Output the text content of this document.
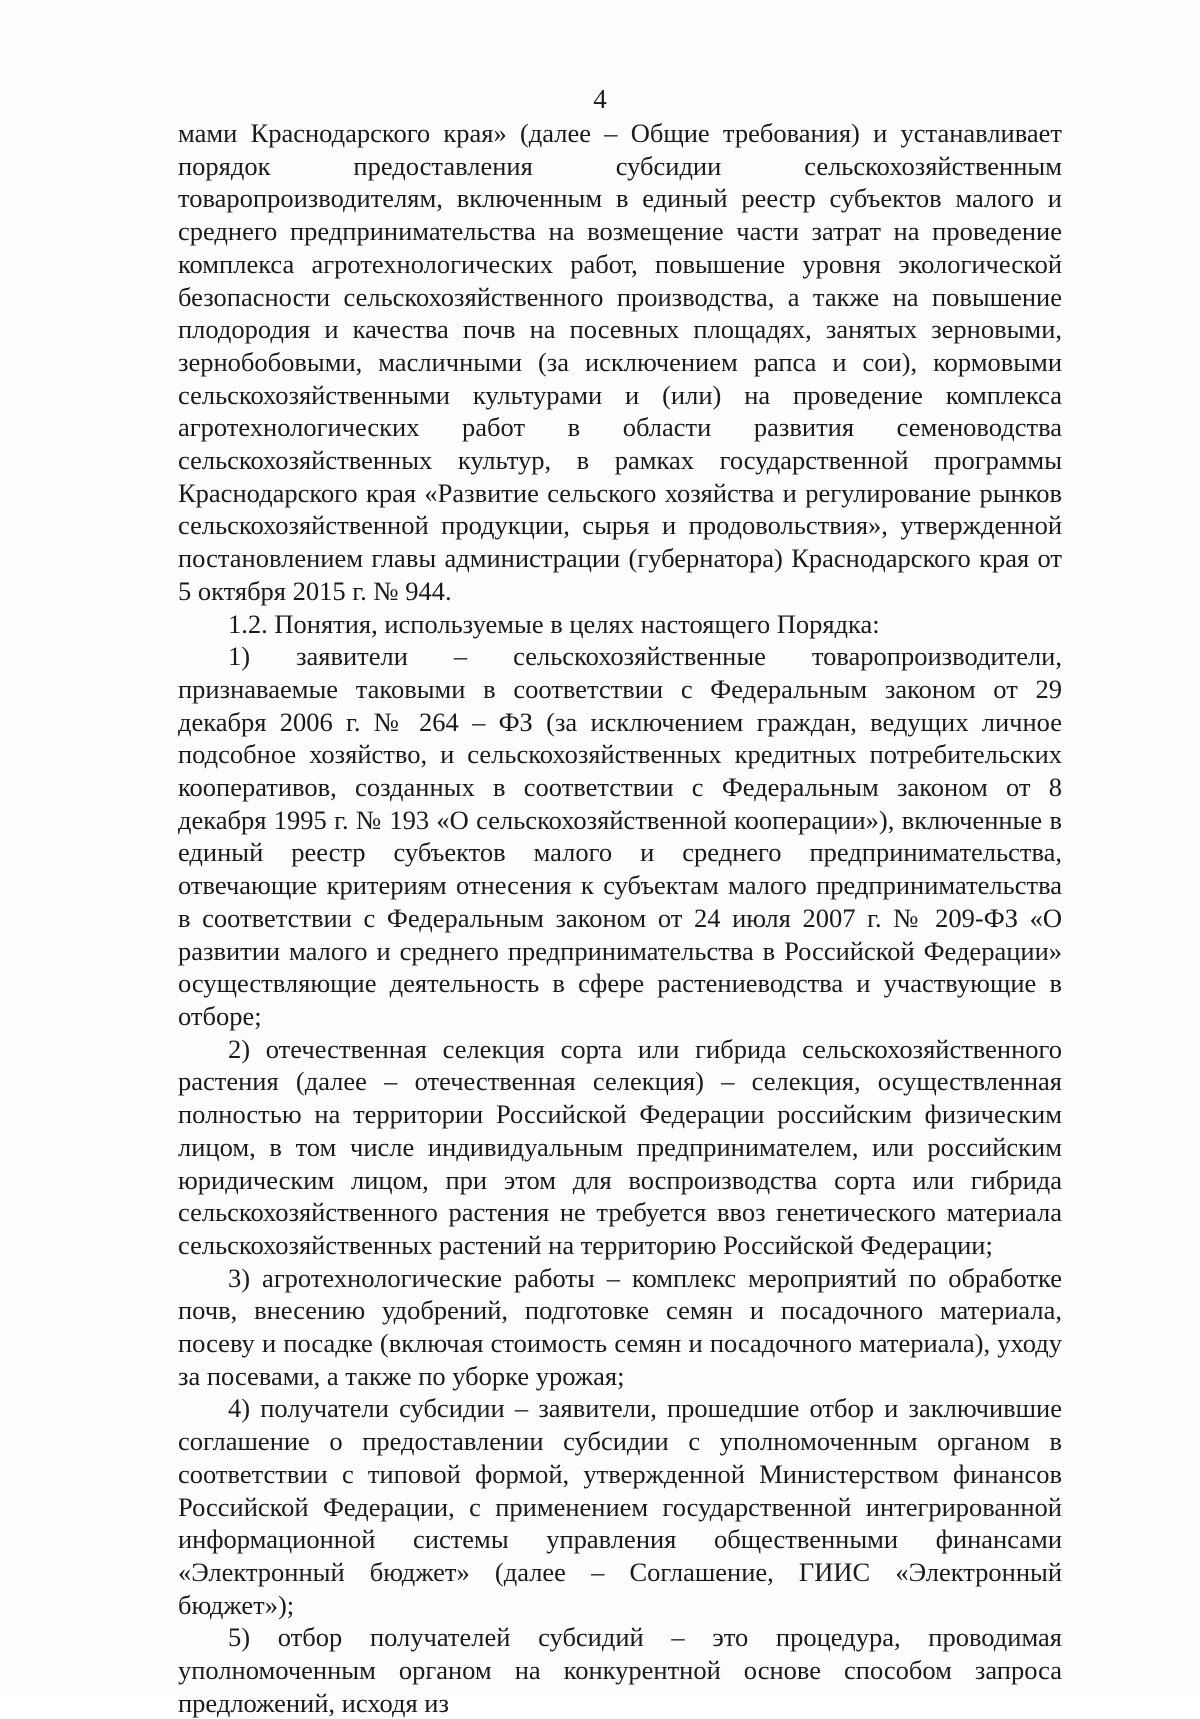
4

мами Краснодарского края» (далее – Общие требования) и устанавливает порядок предоставления субсидии сельскохозяйственным товаропроизводителям, включенным в единый реестр субъектов малого и среднего предпринимательства на возмещение части затрат на проведение комплекса агротехнологических работ, повышение уровня экологической безопасности сельскохозяйственного производства, а также на повышение плодородия и качества почв на посевных площадях, занятых зерновыми, зернобобовыми, масличными (за исключением рапса и сои), кормовыми сельскохозяйственными культурами и (или) на проведение комплекса агротехнологических работ в области развития семеноводства сельскохозяйственных культур, в рамках государственной программы Краснодарского края «Развитие сельского хозяйства и регулирование рынков сельскохозяйственной продукции, сырья и продовольствия», утвержденной постановлением главы администрации (губернатора) Краснодарского края от 5 октября 2015 г. № 944.

1.2. Понятия, используемые в целях настоящего Порядка:

1) заявители – сельскохозяйственные товаропроизводители, признаваемые таковыми в соответствии с Федеральным законом от 29 декабря 2006 г. № 264 – ФЗ (за исключением граждан, ведущих личное подсобное хозяйство, и сельскохозяйственных кредитных потребительских кооперативов, созданных в соответствии с Федеральным законом от 8 декабря 1995 г. № 193 «О сельскохозяйственной кооперации»), включенные в единый реестр субъектов малого и среднего предпринимательства, отвечающие критериям отнесения к субъектам малого предпринимательства в соответствии с Федеральным законом от 24 июля 2007 г. № 209-ФЗ «О развитии малого и среднего предпринимательства в Российской Федерации» осуществляющие деятельность в сфере растениеводства и участвующие в отборе;

2) отечественная селекция сорта или гибрида сельскохозяйственного растения (далее – отечественная селекция) – селекция, осуществленная полностью на территории Российской Федерации российским физическим лицом, в том числе индивидуальным предпринимателем, или российским юридическим лицом, при этом для воспроизводства сорта или гибрида сельскохозяйственного растения не требуется ввоз генетического материала сельскохозяйственных растений на территорию Российской Федерации;

3) агротехнологические работы – комплекс мероприятий по обработке почв, внесению удобрений, подготовке семян и посадочного материала, посеву и посадке (включая стоимость семян и посадочного материала), уходу за посевами, а также по уборке урожая;

4) получатели субсидии – заявители, прошедшие отбор и заключившие соглашение о предоставлении субсидии с уполномоченным органом в соответствии с типовой формой, утвержденной Министерством финансов Российской Федерации, с применением государственной интегрированной информационной системы управления общественными финансами «Электронный бюджет» (далее – Соглашение, ГИИС «Электронный бюджет»);

5) отбор получателей субсидий – это процедура, проводимая уполномоченным органом на конкурентной основе способом запроса предложений, исходя из
